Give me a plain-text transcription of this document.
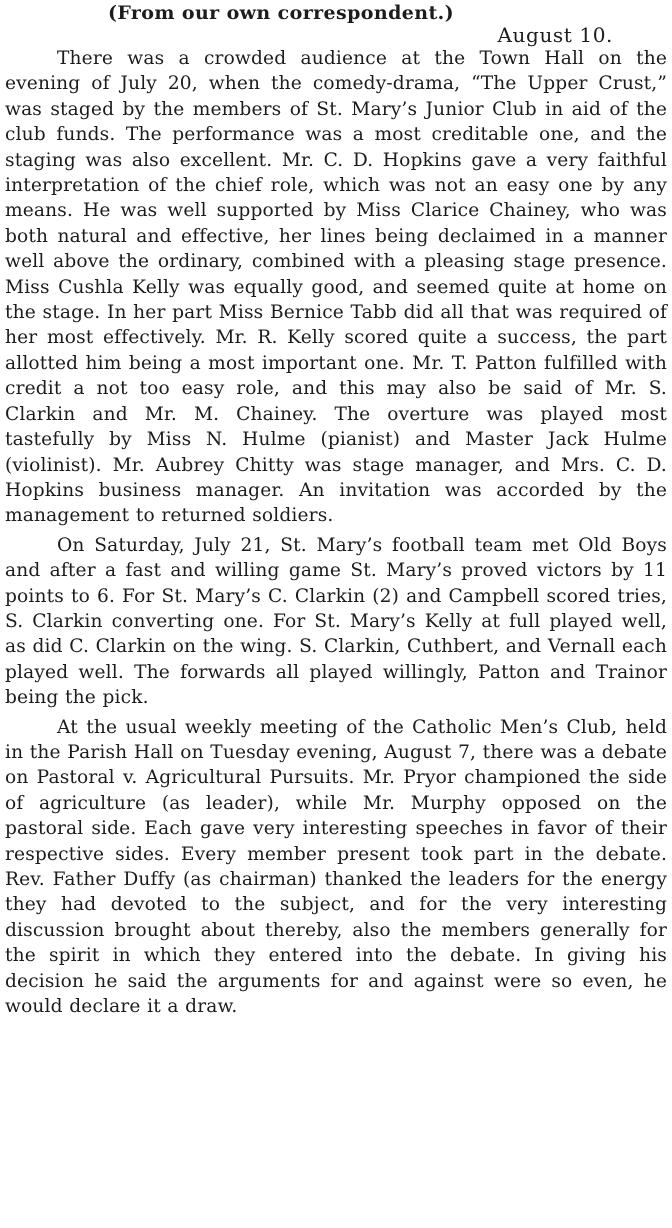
(From our own correspondent.)
August 10.

There was a crowded audience at the Town Hall on the evening of July 20, when the comedy-drama, “The Upper Crust,” was staged by the members of St. Mary’s Junior Club in aid of the club funds. The performance was a most creditable one, and the staging was also excellent. Mr. C. D. Hopkins gave a very faithful interpretation of the chief role, which was not an easy one by any means. He was well supported by Miss Clarice Chainey, who was both natural and effective, her lines being declaimed in a manner well above the ordinary, combined with a pleasing stage presence. Miss Cushla Kelly was equally good, and seemed quite at home on the stage. In her part Miss Bernice Tabb did all that was required of her most effectively. Mr. R. Kelly scored quite a success, the part allotted him being a most important one. Mr. T. Patton fulfilled with credit a not too easy role, and this may also be said of Mr. S. Clarkin and Mr. M. Chainey. The overture was played most tastefully by Miss N. Hulme (pianist) and Master Jack Hulme (violinist). Mr. Aubrey Chitty was stage manager, and Mrs. C. D. Hopkins business manager. An invitation was accorded by the management to returned soldiers.

On Saturday, July 21, St. Mary’s football team met Old Boys and after a fast and willing game St. Mary’s proved victors by 11 points to 6. For St. Mary’s C. Clarkin (2) and Campbell scored tries, S. Clarkin converting one. For St. Mary’s Kelly at full played well, as did C. Clarkin on the wing. S. Clarkin, Cuthbert, and Vernall each played well. The forwards all played willingly, Patton and Trainor being the pick.

At the usual weekly meeting of the Catholic Men’s Club, held in the Parish Hall on Tuesday evening, August 7, there was a debate on Pastoral v. Agricultural Pursuits. Mr. Pryor championed the side of agriculture (as leader), while Mr. Murphy opposed on the pastoral side. Each gave very interesting speeches in favor of their respective sides. Every member present took part in the debate. Rev. Father Duffy (as chairman) thanked the leaders for the energy they had devoted to the subject, and for the very interesting discussion brought about thereby, also the members generally for the spirit in which they entered into the debate. In giving his decision he said the arguments for and against were so even, he would declare it a draw.
